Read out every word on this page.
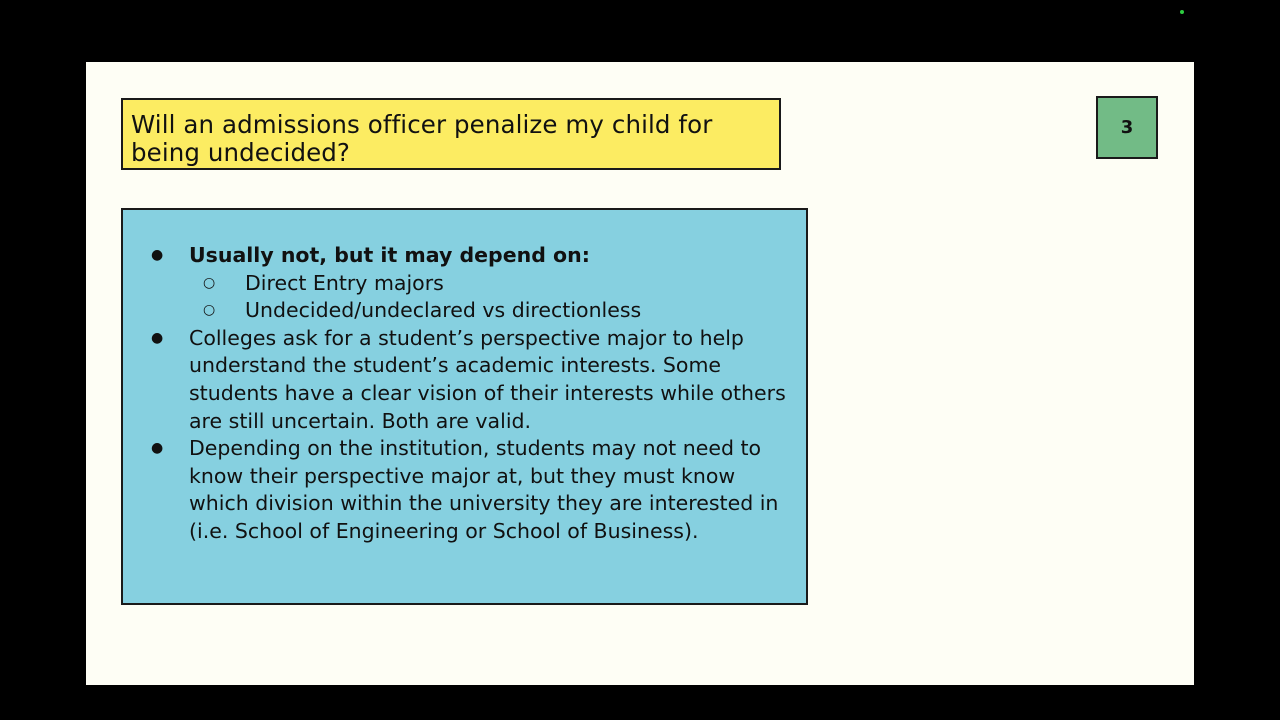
Will an admissions officer penalize my child for being undecided?
3
● Usually not, but it may depend on:
○ Direct Entry majors
○ Undecided/undeclared vs directionless
● Colleges ask for a student’s perspective major to help understand the student’s academic interests. Some students have a clear vision of their interests while others are still uncertain. Both are valid.
● Depending on the institution, students may not need to know their perspective major at, but they must know which division within the university they are interested in (i.e. School of Engineering or School of Business).
